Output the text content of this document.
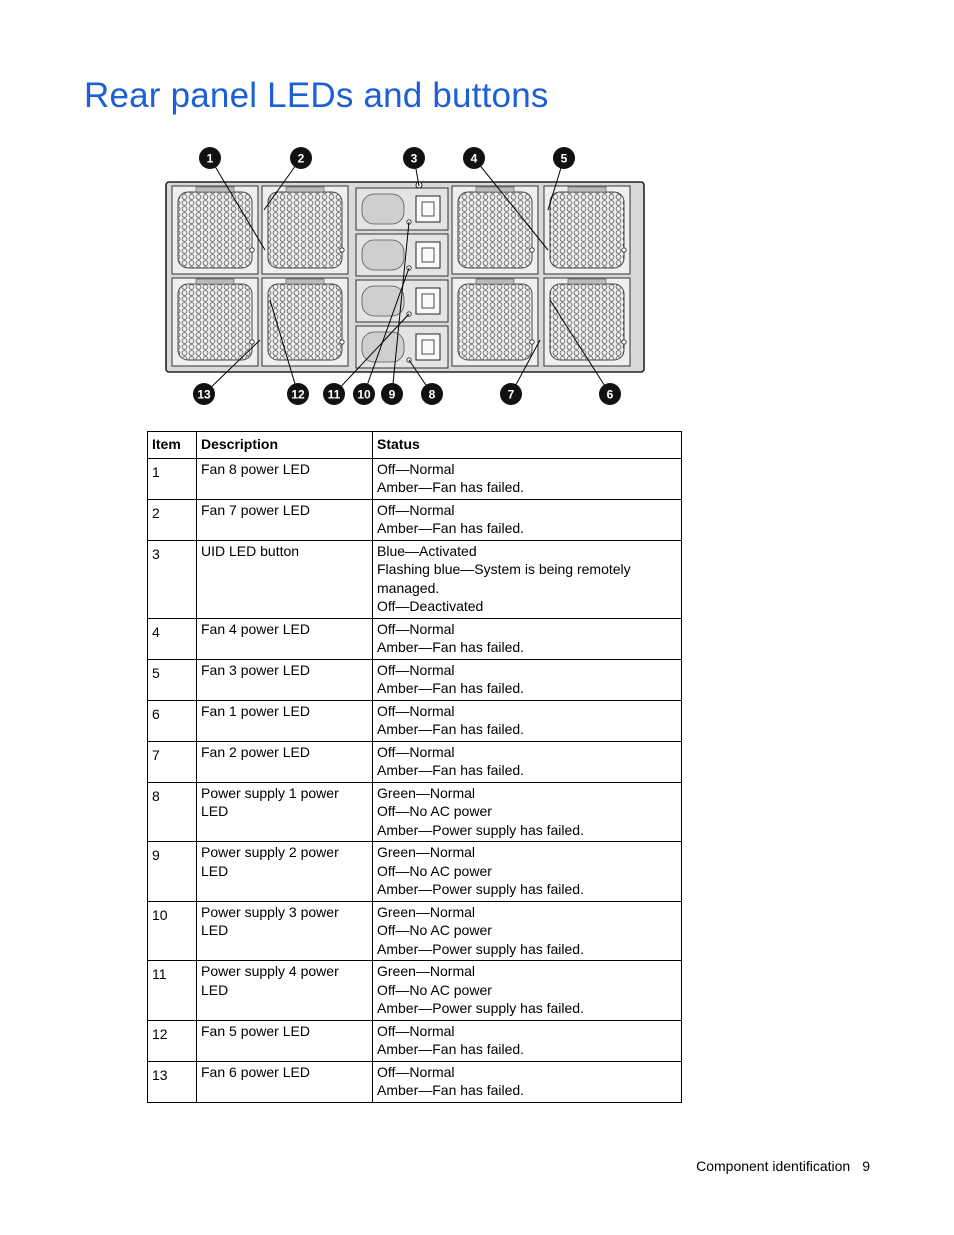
Rear panel LEDs and buttons
1	2	3	4	5
13	12 11 10 9	8	7	6
Item	Description	Status
1	Fan 8 power LED	Off—Normal
Amber—Fan has failed.

2	Fan 7 power LED	Off—Normal
Amber—Fan has failed.

3	UID LED button	Blue—Activated
Flashing blue—System is being remotely managed.
Off—Deactivated

4	Fan 4 power LED	Off—Normal
Amber—Fan has failed.

5	Fan 3 power LED	Off—Normal
Amber—Fan has failed.

6	Fan 1 power LED	Off—Normal
Amber—Fan has failed.

7	Fan 2 power LED	Off—Normal
Amber—Fan has failed.

8	Power supply 1 power LED	Green—Normal
Off—No AC power
Amber—Power supply has failed.

9	Power supply 2 power LED	Green—Normal
Off—No AC power
Amber—Power supply has failed.

10	Power supply 3 power LED	Green—Normal
Off—No AC power
Amber—Power supply has failed.

11	Power supply 4 power LED	Green—Normal
Off—No AC power
Amber—Power supply has failed.

12	Fan 5 power LED	Off—Normal
Amber—Fan has failed.

13	Fan 6 power LED	Off—Normal
Amber—Fan has failed.
Component identification 9
